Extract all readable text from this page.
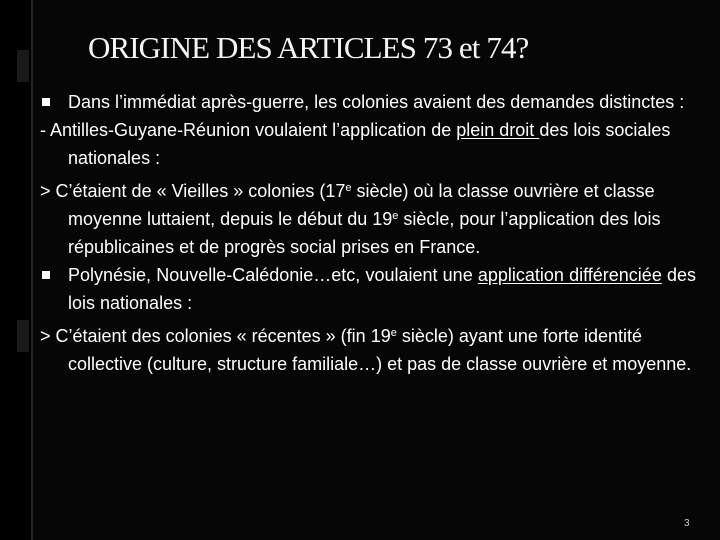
ORIGINE DES ARTICLES 73 et 74?
Dans l’immédiat après-guerre, les colonies avaient des demandes distinctes :
- Antilles-Guyane-Réunion voulaient l’application de plein droit des lois sociales nationales :
> C’étaient de « Vieilles » colonies (17e siècle) où la classe ouvrière et classe moyenne luttaient, depuis le début du 19e siècle, pour l’application des lois républicaines et de progrès social prises en France.
Polynésie, Nouvelle-Calédonie…etc, voulaient une application différenciée des lois nationales :
> C’étaient des colonies « récentes » (fin 19e siècle) ayant une forte identité collective (culture, structure familiale…) et pas de classe ouvrière et moyenne.
3
